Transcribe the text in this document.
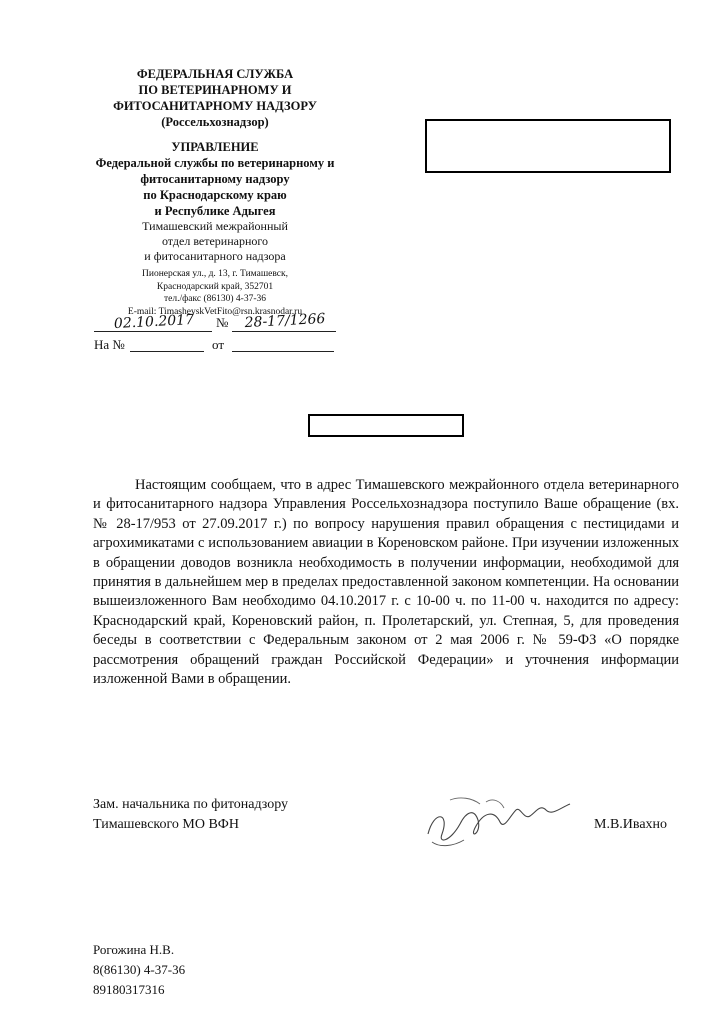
ФЕДЕРАЛЬНАЯ СЛУЖБА
ПО ВЕТЕРИНАРНОМУ И
ФИТОСАНИТАРНОМУ НАДЗОРУ
(Россельхознадзор)
УПРАВЛЕНИЕ
Федеральной службы по ветеринарному и
фитосанитарному надзору
по Краснодарскому краю
и Республике Адыгея
Тимашевский межрайонный
отдел ветеринарного
и фитосанитарного надзора
Пионерская ул., д. 13, г. Тимашевск,
Краснодарский край, 352701
тел./факс (86130) 4-37-36
E-mail: TimashevskVetFito@rsn.krasnodar.ru
02.10.2017	№	28-17/1266
На №	от
Настоящим сообщаем, что в адрес Тимашевского межрайонного отдела ветеринарного и фитосанитарного надзора Управления Россельхознадзора поступило Ваше обращение (вх. № 28-17/953 от 27.09.2017 г.) по вопросу нарушения правил обращения с пестицидами и агрохимикатами с использованием авиации в Кореновском районе. При изучении изложенных в обращении доводов возникла необходимость в получении информации, необходимой для принятия в дальнейшем мер в пределах предоставленной законом компетенции. На основании вышеизложенного Вам необходимо 04.10.2017 г. с 10-00 ч. по 11-00 ч. находится по адресу: Краснодарский край, Кореновский район, п. Пролетарский, ул. Степная, 5, для проведения беседы в соответствии с Федеральным законом от 2 мая 2006 г. № 59-ФЗ «О порядке рассмотрения обращений граждан Российской Федерации» и уточнения информации изложенной Вами в обращении.
Зам. начальника по фитонадзору
Тимашевского МО ВФН	М.В.Ивахно
Рогожина Н.В.
8(86130) 4-37-36
89180317316
